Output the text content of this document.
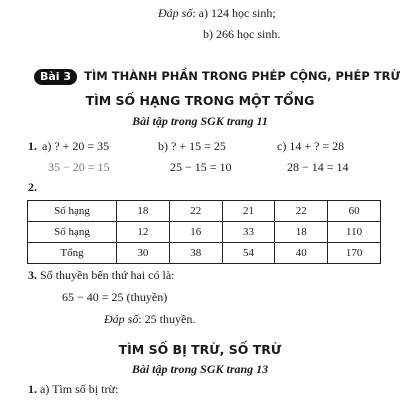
Đáp số: a) 124 học sinh;
b) 266 học sinh.
Bài 3 TÌM THÀNH PHẦN TRONG PHÉP CỘNG, PHÉP TRỪ
TÌM SỐ HẠNG TRONG MỘT TỔNG
Bài tập trong SGK trang 11
1. a) ? + 20 = 35	b) ? + 15 = 25	c) 14 + ? = 28
35 − 20 = 15	25 − 15 = 10	28 − 14 = 14
2.
Số hạng	18	22	21	22	60
Số hạng	12	16	33	18	110
Tổng	30	38	54	40	170
3. Số thuyền bến thứ hai có là:
65 − 40 = 25 (thuyền)
Đáp số: 25 thuyền.
TÌM SỐ BỊ TRỪ, SỐ TRỪ
Bài tập trong SGK trang 13
1. a) Tìm số bị trừ:
